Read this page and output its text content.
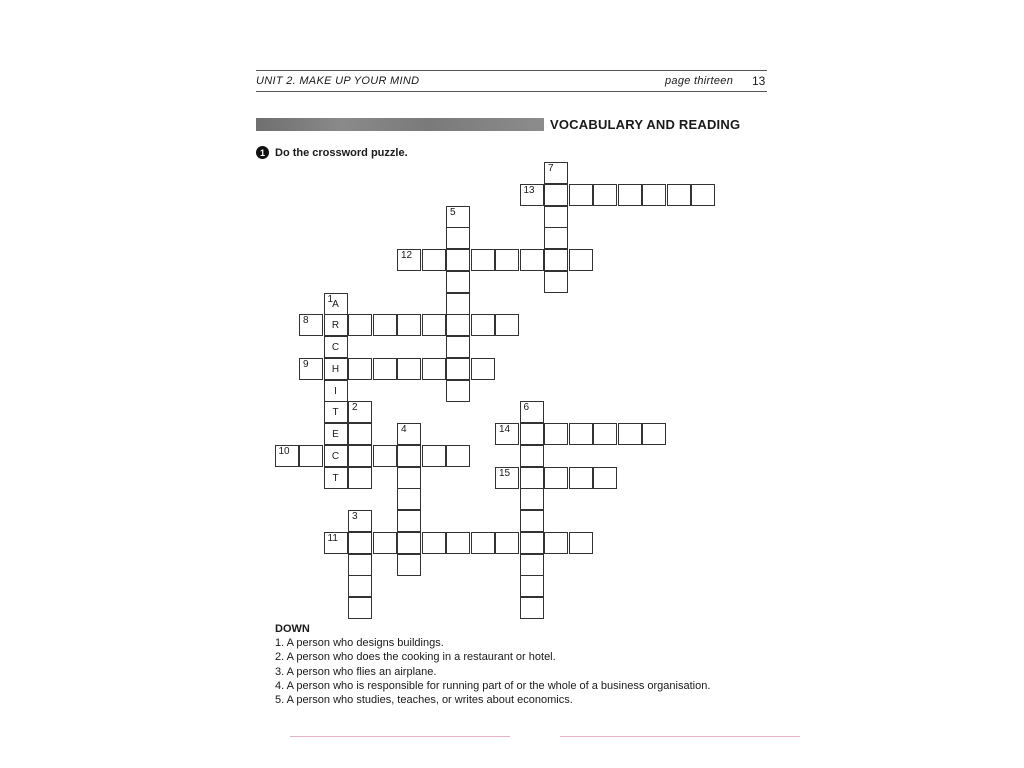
UNIT 2. MAKE UP YOUR MIND	page thirteen 13
VOCABULARY AND READING
1 Do the crossword puzzle.
7
13
5
12
1 A
8	R
C
9	H
I
T	2	6
E	4	14
10	C
T	15
3
11
DOWN
1. A person who designs buildings.
2. A person who does the cooking in a restaurant or hotel.
3. A person who flies an airplane.
4. A person who is responsible for running part of or the whole of a business organisation.
5. A person who studies, teaches, or writes about economics.
